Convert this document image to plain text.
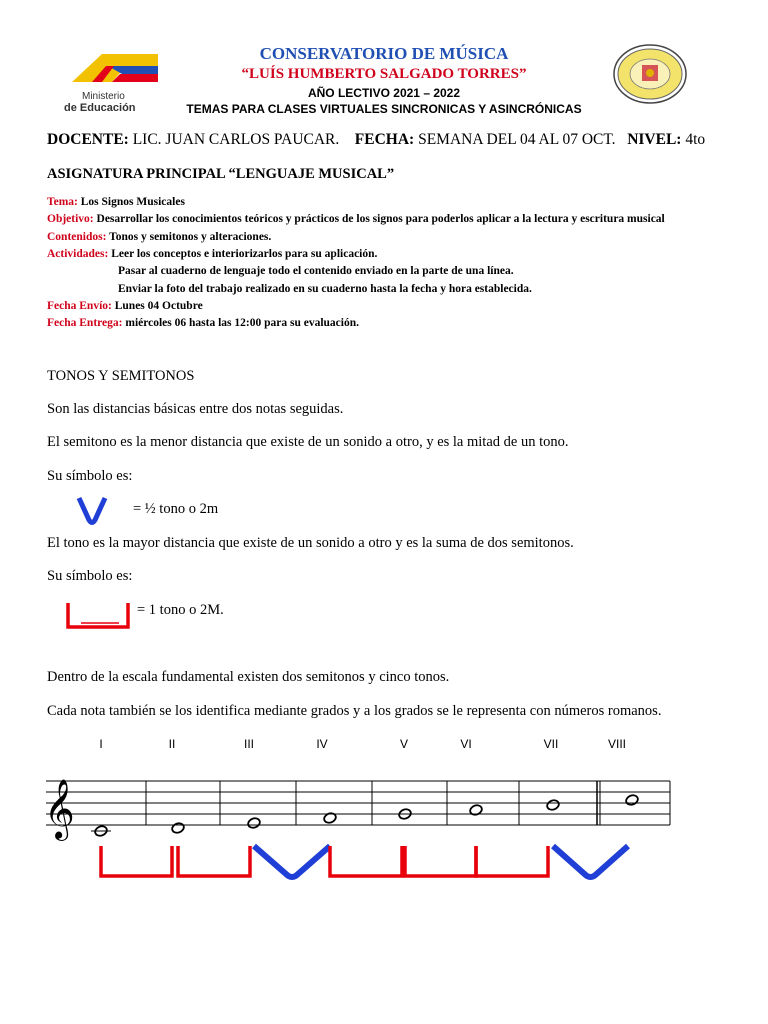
Ministerio
de Educación
CONSERVATORIO DE MÚSICA
“LUÍS HUMBERTO SALGADO TORRES”
AÑO LECTIVO 2021 – 2022
TEMAS PARA CLASES VIRTUALES SINCRONICAS Y ASINCRÓNICAS
DOCENTE: LIC. JUAN CARLOS PAUCAR. FECHA: SEMANA DEL 04 AL 07 OCT. NIVEL: 4to
ASIGNATURA PRINCIPAL “LENGUAJE MUSICAL”
Tema: Los Signos Musicales
Objetivo: Desarrollar los conocimientos teóricos y prácticos de los signos para poderlos aplicar a la lectura y escritura musical
Contenidos: Tonos y semitonos y alteraciones.
Actividades: Leer los conceptos e interiorizarlos para su aplicación.
Pasar al cuaderno de lenguaje todo el contenido enviado en la parte de una línea.
Enviar la foto del trabajo realizado en su cuaderno hasta la fecha y hora establecida.
Fecha Envío: Lunes 04 Octubre
Fecha Entrega: miércoles 06 hasta las 12:00 para su evaluación.
TONOS Y SEMITONOS
Son las distancias básicas entre dos notas seguidas.
El semitono es la menor distancia que existe de un sonido a otro, y es la mitad de un tono.
Su símbolo es:
= ½ tono o 2m
El tono es la mayor distancia que existe de un sonido a otro y es la suma de dos semitonos.
Su símbolo es:
= 1 tono o 2M.
Dentro de la escala fundamental existen dos semitonos y cinco tonos.
Cada nota también se los identifica mediante grados y a los grados se le representa con números romanos.
I	II	III	IV	V	VI	VII	VIII
𝄞
